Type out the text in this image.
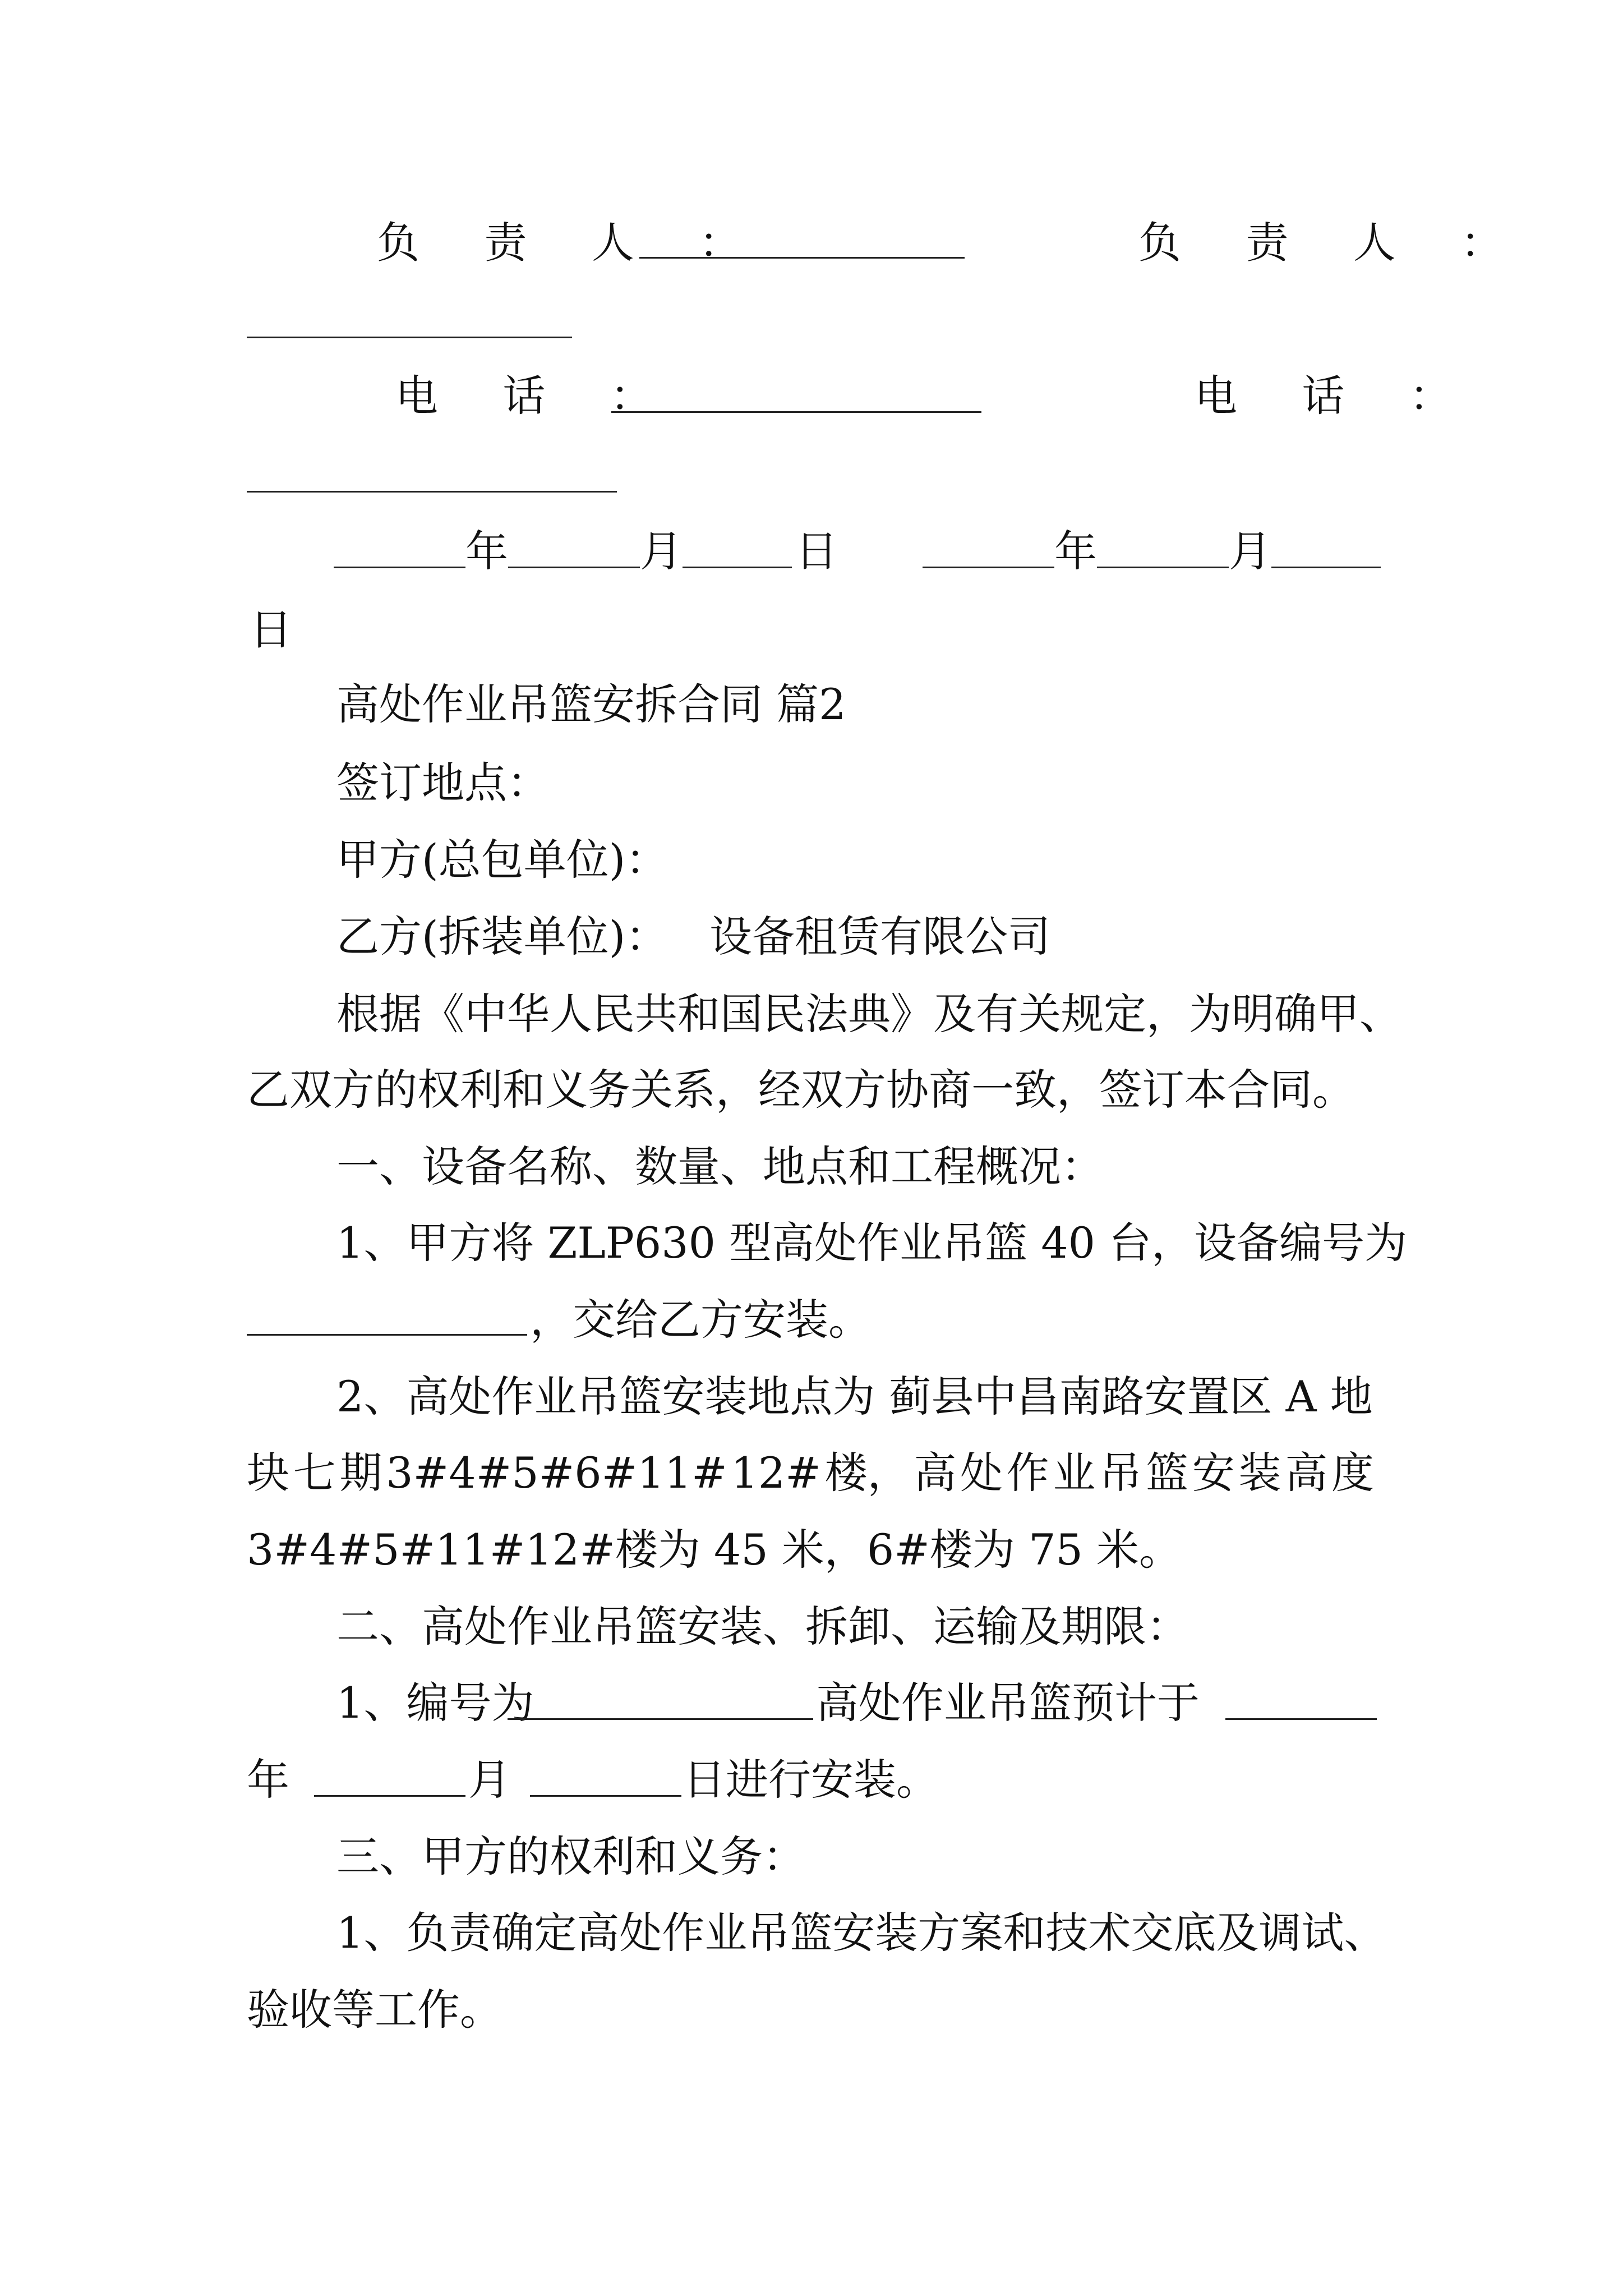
负 责 人 ：	负 责 人 ：
电 话 ：	电 话 ：
年	月	日	年	月
日
高处作业吊篮安拆合同 篇2
签订地点：
甲方(总包单位)：
乙方(拆装单位)： 设备租赁有限公司
根据《中华人民共和国民法典》及有关规定，为明确甲、
乙双方的权利和义务关系，经双方协商一致，签订本合同。
一、设备名称、数量、地点和工程概况：
1、甲方将 ZLP630 型高处作业吊篮 40 台，设备编号为
，交给乙方安装。
2、高处作业吊篮安装地点为 蓟县中昌南路安置区 A 地
块 七 期 3#4#5#6#11# 12# 楼， 高 处 作 业 吊 篮 安 装 高 度
3#4#5#11#12#楼为 45 米，6#楼为 75 米。
二、高处作业吊篮安装、拆卸、运输及期限：
1、编号为	高处作业吊篮预计于
年	月	日进行安装。
三、甲方的权利和义务：
1、负责确定高处作业吊篮安装方案和技术交底及调试、
验收等工作。
